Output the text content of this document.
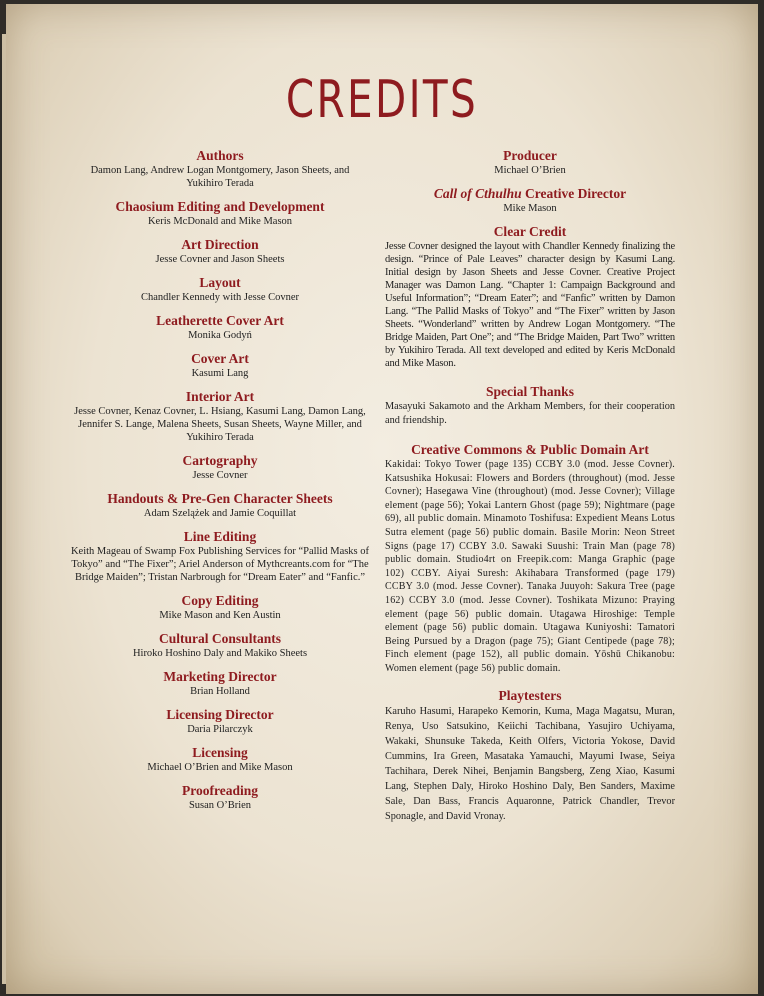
CREDITS
Authors
Damon Lang, Andrew Logan Montgomery, Jason Sheets, and Yukihiro Terada
Chaosium Editing and Development
Keris McDonald and Mike Mason
Art Direction
Jesse Covner and Jason Sheets
Layout
Chandler Kennedy with Jesse Covner
Leatherette Cover Art
Monika Godyń
Cover Art
Kasumi Lang
Interior Art
Jesse Covner, Kenaz Covner, L. Hsiang, Kasumi Lang, Damon Lang, Jennifer S. Lange, Malena Sheets, Susan Sheets, Wayne Miller, and Yukihiro Terada
Cartography
Jesse Covner
Handouts & Pre-Gen Character Sheets
Adam Szelążek and Jamie Coquillat
Line Editing
Keith Mageau of Swamp Fox Publishing Services for “Pallid Masks of Tokyo” and “The Fixer”; Ariel Anderson of Mythcreants.com for “The Bridge Maiden”; Tristan Narbrough for “Dream Eater” and “Fanfic.”
Copy Editing
Mike Mason and Ken Austin
Cultural Consultants
Hiroko Hoshino Daly and Makiko Sheets
Marketing Director
Brian Holland
Licensing Director
Daria Pilarczyk
Licensing
Michael O’Brien and Mike Mason
Proofreading
Susan O’Brien
Producer
Michael O’Brien
Call of Cthulhu Creative Director
Mike Mason
Clear Credit
Jesse Covner designed the layout with Chandler Kennedy finalizing the design. “Prince of Pale Leaves” character design by Kasumi Lang. Initial design by Jason Sheets and Jesse Covner. Creative Project Manager was Damon Lang. “Chapter 1: Campaign Background and Useful Information”; “Dream Eater”; and “Fanfic” written by Damon Lang. “The Pallid Masks of Tokyo” and “The Fixer” written by Jason Sheets. “Wonderland” written by Andrew Logan Montgomery. “The Bridge Maiden, Part One”; and “The Bridge Maiden, Part Two” written by Yukihiro Terada. All text developed and edited by Keris McDonald and Mike Mason.
Special Thanks
Masayuki Sakamoto and the Arkham Members, for their cooperation and friendship.
Creative Commons & Public Domain Art
Kakidai: Tokyo Tower (page 135) CCBY 3.0 (mod. Jesse Covner). Katsushika Hokusai: Flowers and Borders (throughout) (mod. Jesse Covner); Hasegawa Vine (throughout) (mod. Jesse Covner); Village element (page 56); Yokai Lantern Ghost (page 59); Nightmare (page 69), all public domain. Minamoto Toshifusa: Expedient Means Lotus Sutra element (page 56) public domain. Basile Morin: Neon Street Signs (page 17) CCBY 3.0. Sawaki Suushi: Train Man (page 78) public domain. Studio4rt on Freepik.com: Manga Graphic (page 102) CCBY. Aiyai Suresh: Akihabara Transformed (page 179) CCBY 3.0 (mod. Jesse Covner). Tanaka Juuyoh: Sakura Tree (page 162) CCBY 3.0 (mod. Jesse Covner). Toshikata Mizuno: Praying element (page 56) public domain. Utagawa Hiroshige: Temple element (page 56) public domain. Utagawa Kuniyoshi: Tamatori Being Pursued by a Dragon (page 75); Giant Centipede (page 78); Finch element (page 152), all public domain. Yōshū Chikanobu: Women element (page 56) public domain.
Playtesters
Karuho Hasumi, Harapeko Kemorin, Kuma, Maga Magatsu, Muran, Renya, Uso Satsukino, Keiichi Tachibana, Yasujiro Uchiyama, Wakaki, Shunsuke Takeda, Keith Olfers, Victoria Yokose, David Cummins, Ira Green, Masataka Yamauchi, Mayumi Iwase, Seiya Tachihara, Derek Nihei, Benjamin Bangsberg, Zeng Xiao, Kasumi Lang, Stephen Daly, Hiroko Hoshino Daly, Ben Sanders, Maxime Sale, Dan Bass, Francis Aquaronne, Patrick Chandler, Trevor Sponagle, and David Vronay.
